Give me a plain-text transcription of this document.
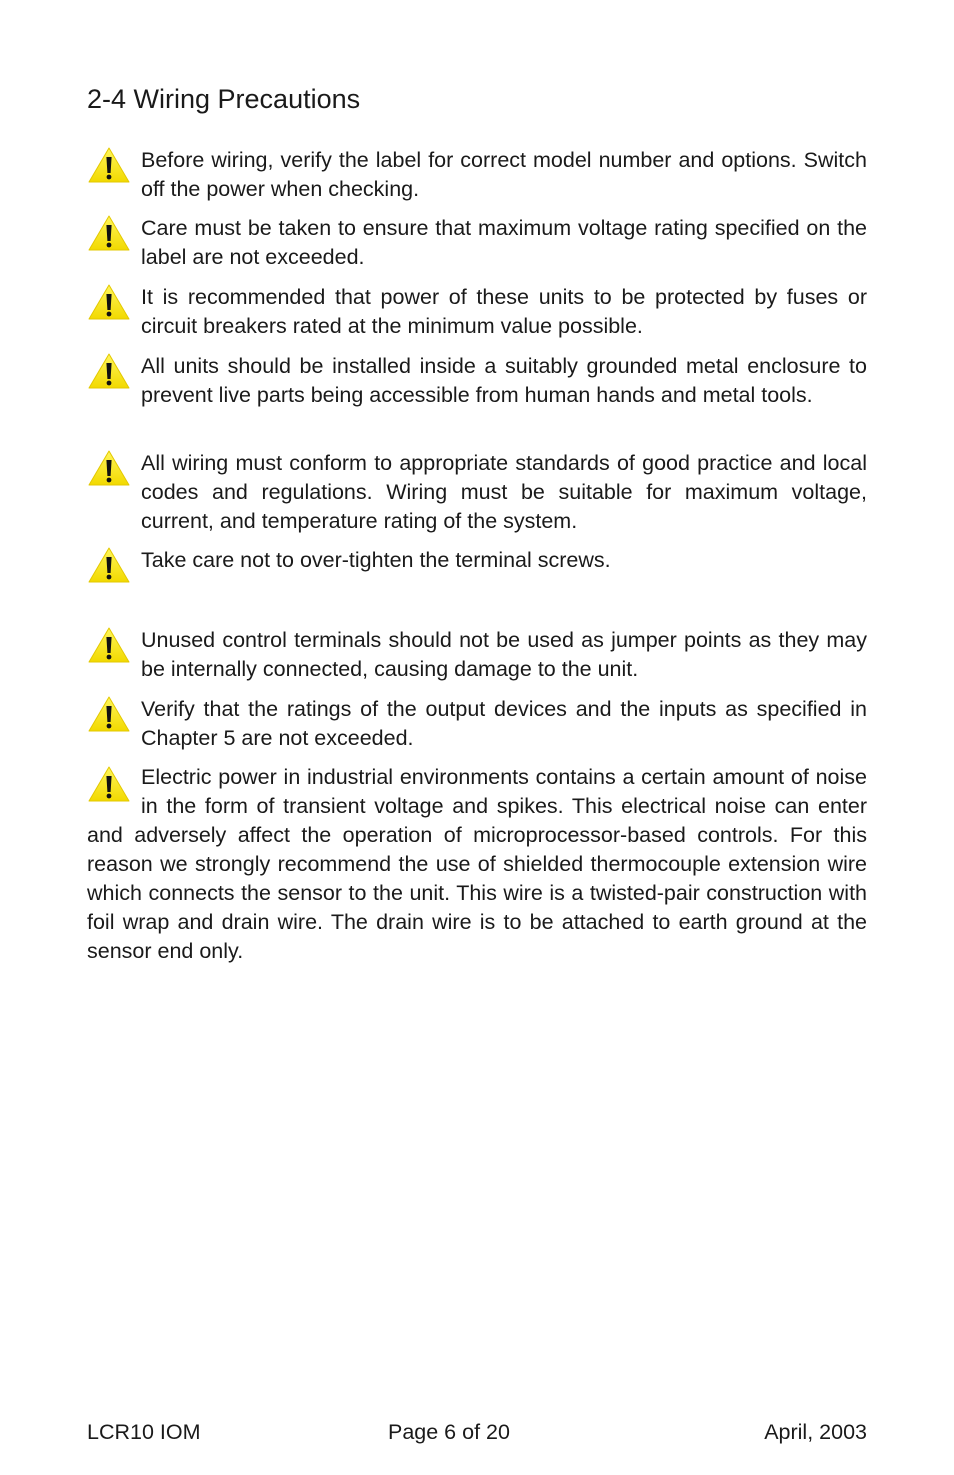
2-4 Wiring Precautions

Before wiring, verify the label for correct model number and options. Switch off the power when checking.

Care must be taken to ensure that maximum voltage rating specified on the label are not exceeded.

It is recommended that power of these units to be protected by fuses or circuit breakers rated at the minimum value possible.

All units should be installed inside a suitably grounded metal enclosure to prevent live parts being accessible from human hands and metal tools.

All wiring must conform to appropriate standards of good practice and local codes and regulations. Wiring must be suitable for maximum voltage, current, and temperature rating of the system.

Take care not to over-tighten the terminal screws.

Unused control terminals should not be used as jumper points as they may be internally connected, causing damage to the unit.

Verify that the ratings of the output devices and the inputs as specified in Chapter 5 are not exceeded.

Electric power in industrial environments contains a certain amount of noise in the form of transient voltage and spikes. This electrical noise can enter and adversely affect the operation of microprocessor-based controls. For this reason we strongly recommend the use of shielded thermocouple extension wire which connects the sensor to the unit. This wire is a twisted-pair construction with foil wrap and drain wire. The drain wire is to be attached to earth ground at the sensor end only.

LCR10 IOM	Page 6 of 20	April, 2003
